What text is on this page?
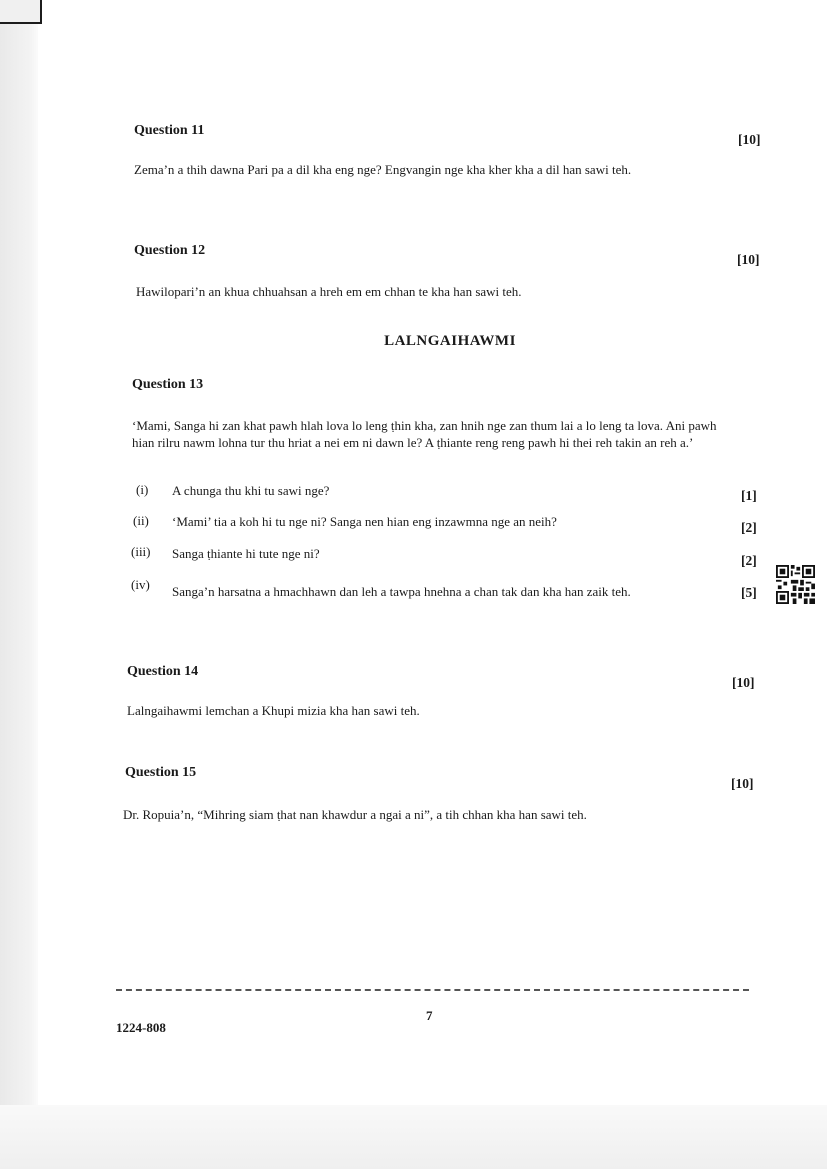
Question 11
[10]

Zema’n a thih dawna Pari pa a dil kha eng nge? Engvangin nge kha kher kha a dil han sawi teh.

Question 12
[10]

Hawilopari’n an khua chhuahsan a hreh em em chhan te kha han sawi teh.

LALNGAIHAWMI
Question 13

‘Mami, Sanga hi zan khat pawh hlah lova lo leng ṭhin kha, zan hnih nge zan thum lai a lo leng ta lova. Ani pawh hian rilru nawm lohna tur thu hriat a nei em ni dawn le? A ṭhiante reng reng pawh hi thei reh takin an reh a.’

(i) A chunga thu khi tu sawi nge?	[1]
(ii) ‘Mami’ tia a koh hi tu nge ni? Sanga nen hian eng inzawmna nge an neih?	[2]
(iii) Sanga ṭhiante hi tute nge ni?	[2]
(iv) Sanga’n harsatna a hmachhawn dan leh a tawpa hnehna a chan tak dan kha han zaik teh.	[5]
Question 14
[10]

Lalngaihawmi lemchan a Khupi mizia kha han sawi teh.

Question 15
[10]

Dr. Ropuia’n, “Mihring siam ṭhat nan khawdur a ngai a ni”, a tih chhan kha han sawi teh.

7
1224-808
